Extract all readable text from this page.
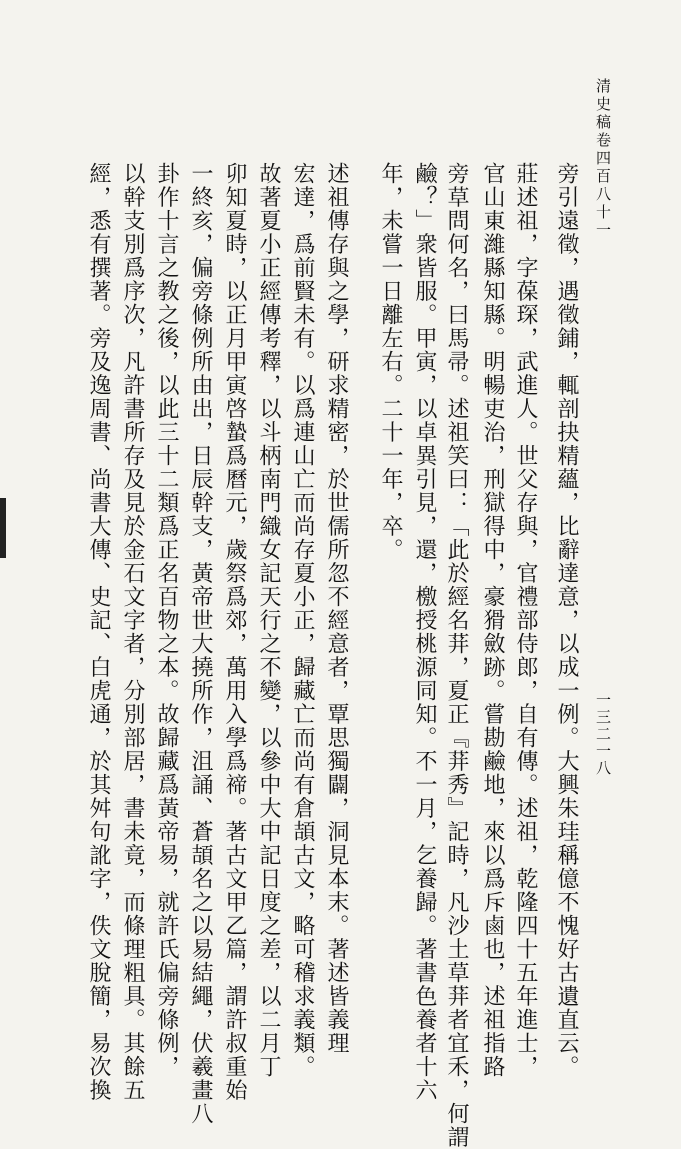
清史稿卷四百八十一
一三二一八
旁引遠徵，遇徵鋪，輒剖抉精蘊，比辭達意，以成一例。大興朱珪稱億不愧好古遺直云。
莊述祖，字葆琛，武進人。世父存與，官禮部侍郎，自有傳。述祖，乾隆四十五年進士，
官山東濰縣知縣。明暢吏治，刑獄得中，豪猾斂跡。嘗勘鹼地，來以爲斥鹵也，述祖指路
旁草問何名，曰馬帚。述祖笑曰：「此於經名荓，夏正『荓秀』記時，凡沙土草荓者宜禾，何謂
鹼？」衆皆服。甲寅，以卓異引見，還，檄授桃源同知。不一月，乞養歸。著書色養者十六
年，未嘗一日離左右。二十一年，卒。
述祖傳存與之學，研求精密，於世儒所忽不經意者，覃思獨闢，洞見本末。著述皆義理
宏達，爲前賢未有。以爲連山亡而尚存夏小正，歸藏亡而尚有倉頡古文，略可稽求義類。
故著夏小正經傳考釋，以斗柄南門織女記天行之不變，以參中大中記日度之差，以二月丁
卯知夏時，以正月甲寅啓蟄爲曆元，歲祭爲郊，萬用入學爲禘。著古文甲乙篇，謂許叔重始
一終亥，偏旁條例所由出，日辰幹支，黃帝世大撓所作，沮誦、蒼頡名之以易結繩，伏羲畫八
卦作十言之教之後，以此三十二類爲正名百物之本。故歸藏爲黃帝易，就許氏偏旁條例，
以幹支別爲序次，凡許書所存及見於金石文字者，分別部居，書未竟，而條理粗具。其餘五
經，悉有撰著。旁及逸周書、尚書大傳、史記、白虎通，於其舛句訛字，佚文脫簡，易次換
